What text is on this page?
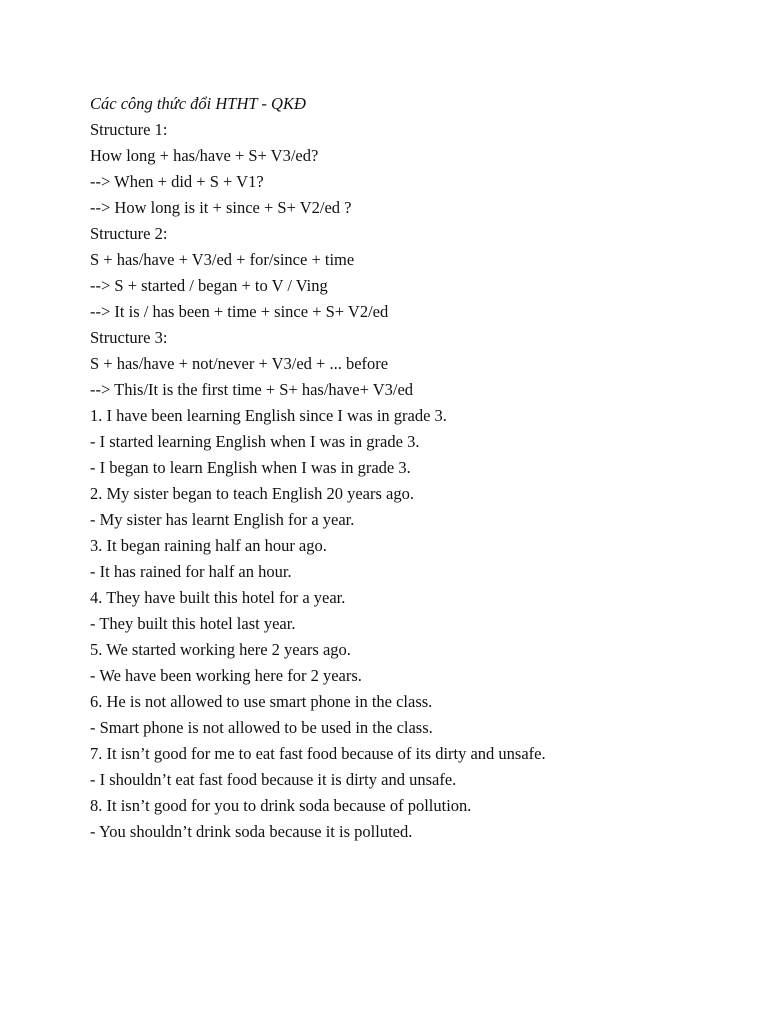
Các công thức đổi HTHT - QKĐ
Structure 1:
How long + has/have + S+ V3/ed?
--> When + did + S + V1?
--> How long is it + since + S+ V2/ed ?
Structure 2:
S + has/have + V3/ed + for/since + time
--> S + started / began + to V / Ving
--> It is / has been + time + since + S+ V2/ed
Structure 3:
S + has/have + not/never + V3/ed + ... before
--> This/It is the first time + S+ has/have+ V3/ed
1. I have been learning English since I was in grade 3.
- I started learning English when I was in grade 3.
- I began to learn English when I was in grade 3.
2. My sister began to teach English 20 years ago.
- My sister has learnt English for a year.
3. It began raining half an hour ago.
- It has rained for half an hour.
4. They have built this hotel for a year.
- They built this hotel last year.
5. We started working here 2 years ago.
- We have been working here for 2 years.
6. He is not allowed to use smart phone in the class.
- Smart phone is not allowed to be used in the class.
7. It isn’t good for me to eat fast food because of its dirty and unsafe.
- I shouldn’t eat fast food because it is dirty and unsafe.
8. It isn’t good for you to drink soda because of pollution.
- You shouldn’t drink soda because it is polluted.
